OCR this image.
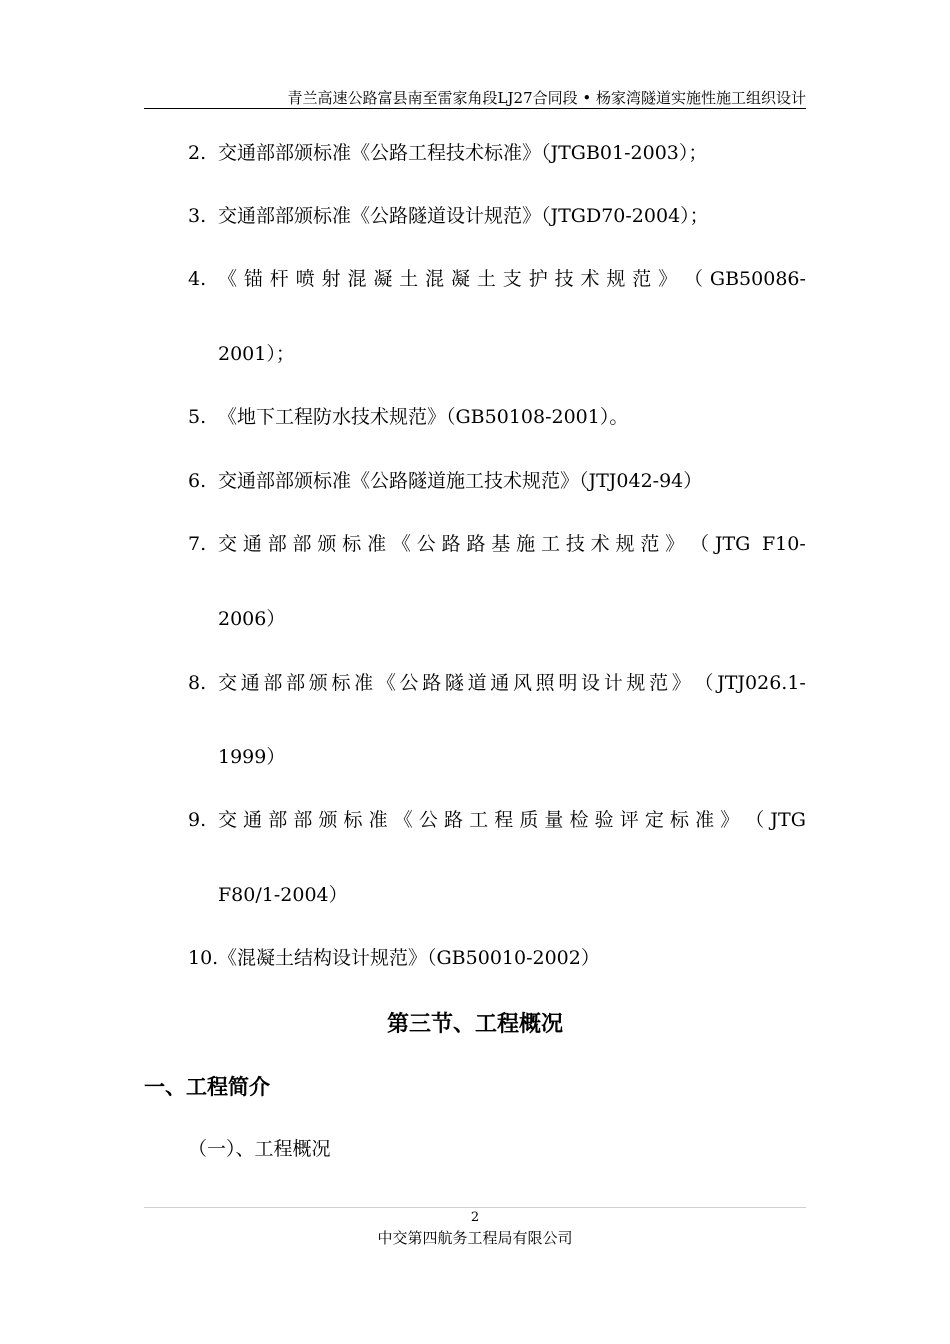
青兰高速公路富县南至雷家角段LJ27合同段 • 杨家湾隧道实施性施工组织设计
2. 交通部部颁标准《公路工程技术标准》（JTGB01-2003）；
3. 交通部部颁标准《公路隧道设计规范》（JTGD70-2004）；
4. 《 锚 杆 喷 射 混 凝 土 混 凝 土 支 护 技 术 规 范 》 （ GB50086-
2001）；
5. 《地下工程防水技术规范》（GB50108-2001）。
6. 交通部部颁标准《公路隧道施工技术规范》（JTJ042-94）
7. 交 通 部 部 颁 标 准 《 公 路 路 基 施 工 技 术 规 范 》 （ JTG F10-
2006）
8. 交 通 部 部 颁 标 准 《 公 路 隧 道 通 风 照 明 设 计 规 范 》 （ JTJ026.1-
1999）
9. 交 通 部 部 颁 标 准 《 公 路 工 程 质 量 检 验 评 定 标 准 》 （ JTG
F80/1-2004）
10. 《混凝土结构设计规范》（GB50010-2002）
第三节、工程概况
一、工程简介
（一）、工程概况
2
中交第四航务工程局有限公司
